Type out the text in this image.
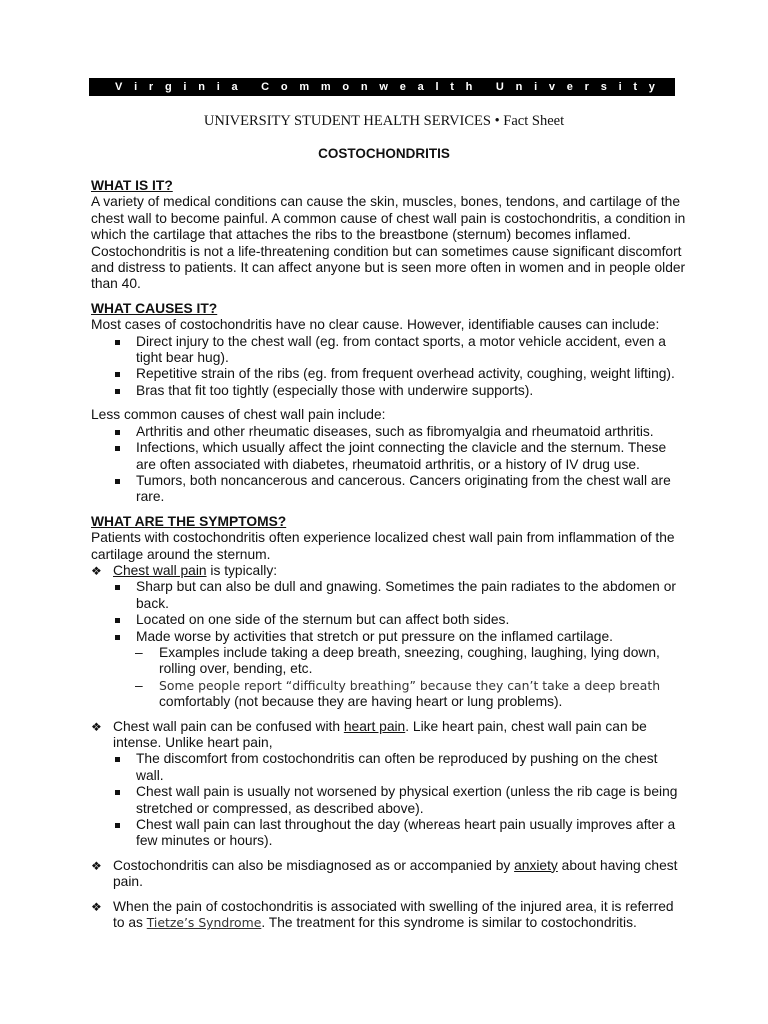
V i r g i n i a C o m m o n w e a l t h U n i v e r s i t y
UNIVERSITY STUDENT HEALTH SERVICES • Fact Sheet
COSTOCHONDRITIS
WHAT IS IT?

A variety of medical conditions can cause the skin, muscles, bones, tendons, and cartilage of the chest wall to become painful. A common cause of chest wall pain is costochondritis, a condition in which the cartilage that attaches the ribs to the breastbone (sternum) becomes inflamed. Costochondritis is not a life-threatening condition but can sometimes cause significant discomfort and distress to patients. It can affect anyone but is seen more often in women and in people older than 40.

WHAT CAUSES IT?

Most cases of costochondritis have no clear cause. However, identifiable causes can include:

Direct injury to the chest wall (eg. from contact sports, a motor vehicle accident, even a tight bear hug).
Repetitive strain of the ribs (eg. from frequent overhead activity, coughing, weight lifting).
Bras that fit too tightly (especially those with underwire supports).

Less common causes of chest wall pain include:

Arthritis and other rheumatic diseases, such as fibromyalgia and rheumatoid arthritis.
Infections, which usually affect the joint connecting the clavicle and the sternum. These are often associated with diabetes, rheumatoid arthritis, or a history of IV drug use.
Tumors, both noncancerous and cancerous. Cancers originating from the chest wall are rare.
WHAT ARE THE SYMPTOMS?

Patients with costochondritis often experience localized chest wall pain from inflammation of the cartilage around the sternum.

❖ Chest wall pain is typically:
Sharp but can also be dull and gnawing. Sometimes the pain radiates to the abdomen or back.
Located on one side of the sternum but can affect both sides.
Made worse by activities that stretch or put pressure on the inflamed cartilage.
– Examples include taking a deep breath, sneezing, coughing, laughing, lying down, rolling over, bending, etc.
– Some people report “difficulty breathing” because they can’t take a deep breath
comfortably (not because they are having heart or lung problems).
❖ Chest wall pain can be confused with heart pain. Like heart pain, chest wall pain can be intense. Unlike heart pain,
The discomfort from costochondritis can often be reproduced by pushing on the chest wall.
Chest wall pain is usually not worsened by physical exertion (unless the rib cage is being stretched or compressed, as described above).
Chest wall pain can last throughout the day (whereas heart pain usually improves after a few minutes or hours).
❖ Costochondritis can also be misdiagnosed as or accompanied by anxiety about having chest pain.
❖ When the pain of costochondritis is associated with swelling of the injured area, it is referred to as Tietze’s Syndrome. The treatment for this syndrome is similar to costochondritis.
